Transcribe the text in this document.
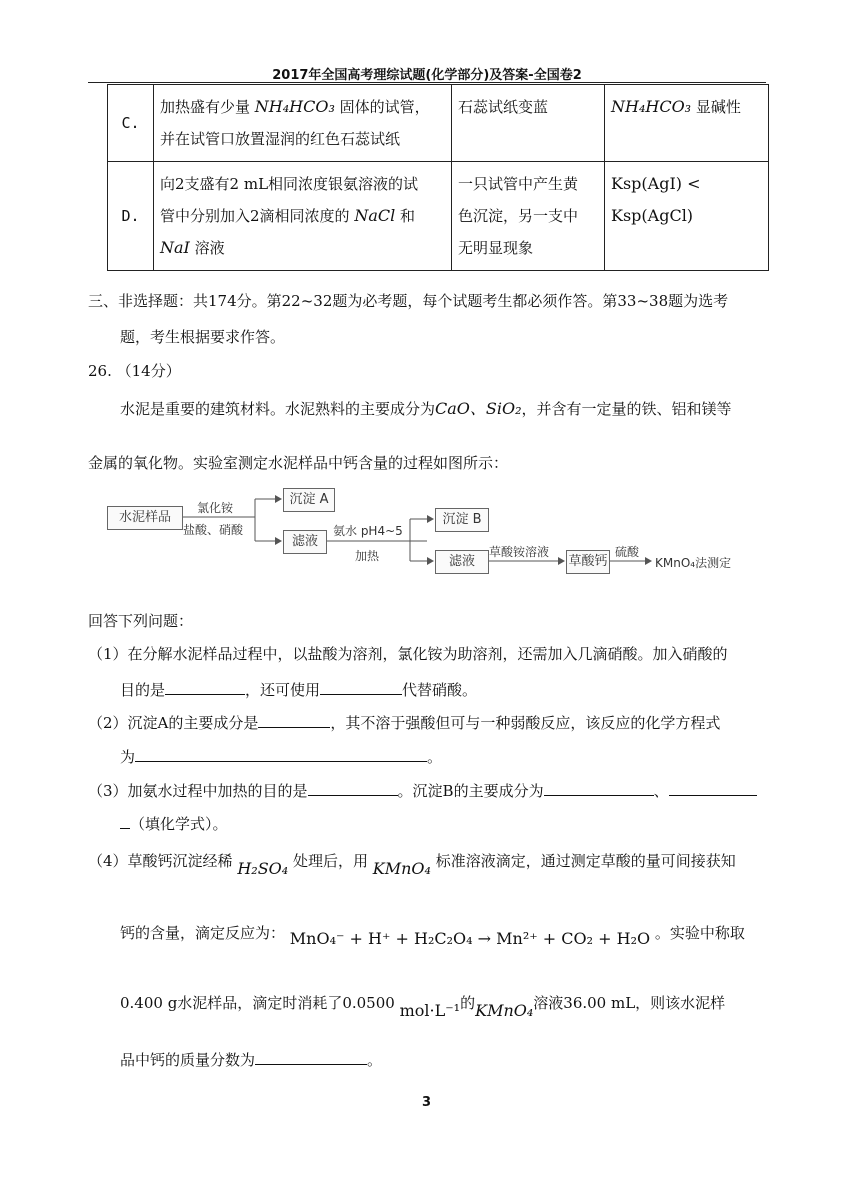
2017年全国高考理综试题(化学部分)及答案-全国卷2
C.	加热盛有少量 NH₄HCO₃ 固体的试管，
并在试管口放置湿润的红色石蕊试纸	石蕊试纸变蓝	NH₄HCO₃ 显碱性
D.	向2支盛有2 mL相同浓度银氨溶液的试
管中分别加入2滴相同浓度的 NaCl 和
NaI 溶液	一只试管中产生黄
色沉淀，另一支中
无明显现象	Ksp(AgI) < Ksp(AgCl)
三、非选择题：共174分。第22~32题为必考题，每个试题考生都必须作答。第33~38题为选考
题，考生根据要求作答。
26. （14分）
水泥是重要的建筑材料。水泥熟料的主要成分为CaO、SiO₂，并含有一定量的铁、铝和镁等
金属的氧化物。实验室测定水泥样品中钙含量的过程如图所示：
水泥样品
氯化铵
盐酸、硝酸
沉淀 A
滤液
氨水 pH4~5
加热
沉淀 B
滤液
草酸铵溶液
草酸钙
硫酸
KMnO₄法测定
回答下列问题：
（1）在分解水泥样品过程中，以盐酸为溶剂，氯化铵为助溶剂，还需加入几滴硝酸。加入硝酸的
目的是	，还可使用	代替硝酸。
（2）沉淀A的主要成分是	，其不溶于强酸但可与一种弱酸反应，该反应的化学方程式
为	。
（3）加氨水过程中加热的目的是	。沉淀B的主要成分为	、
（填化学式）。
（4）草酸钙沉淀经稀 H₂SO₄ 处理后，用 KMnO₄ 标准溶液滴定，通过测定草酸的量可间接获知
钙的含量，滴定反应为： MnO₄⁻ + H⁺ + H₂C₂O₄ → Mn²⁺ + CO₂ + H₂O 。实验中称取
0.400 g水泥样品，滴定时消耗了0.0500 mol·L⁻¹的KMnO₄溶液36.00 mL，则该水泥样
品中钙的质量分数为	。
3
